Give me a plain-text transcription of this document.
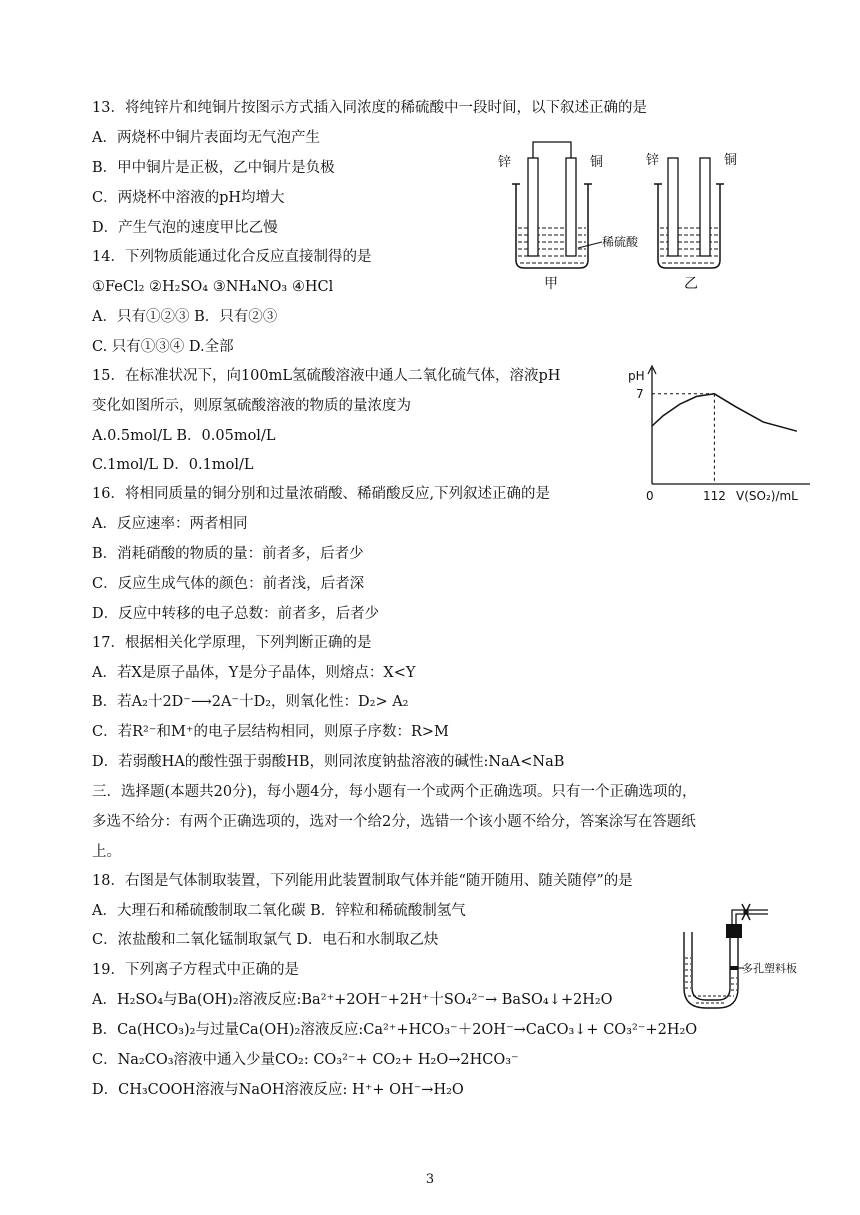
13．将纯锌片和纯铜片按图示方式插入同浓度的稀硫酸中一段时间，以下叙述正确的是
A．两烧杯中铜片表面均无气泡产生
B．甲中铜片是正极，乙中铜片是负极
C．两烧杯中溶液的pH均增大
D．产生气泡的速度甲比乙慢
14．下列物质能通过化合反应直接制得的是
①FeCl₂ ②H₂SO₄ ③NH₄NO₃ ④HCl
A．只有①②③ B．只有②③
C. 只有①③④ D.全部
15．在标准状况下，向100mL氢硫酸溶液中通人二氧化硫气体，溶液pH
变化如图所示，则原氢硫酸溶液的物质的量浓度为
A.0.5mol/L B．0.05mol/L
C.1mol/L D．0.1mol/L
16．将相同质量的铜分别和过量浓硝酸、稀硝酸反应,下列叙述正确的是
A．反应速率：两者相同
B．消耗硝酸的物质的量：前者多，后者少
C．反应生成气体的颜色：前者浅，后者深
D．反应中转移的电子总数：前者多，后者少
17．根据相关化学原理，下列判断正确的是
A．若X是原子晶体，Y是分子晶体，则熔点：X<Y
B．若A₂十2D⁻⟶2A⁻十D₂，则氧化性：D₂> A₂
C．若R²⁻和M⁺的电子层结构相同，则原子序数：R>M
D．若弱酸HA的酸性强于弱酸HB，则同浓度钠盐溶液的碱性:NaA<NaB
三．选择题(本题共20分)，每小题4分，每小题有一个或两个正确选项。只有一个正确选项的，
多选不给分：有两个正确选项的，选对一个给2分，选错一个该小题不给分，答案涂写在答题纸
上。
18．右图是气体制取装置，下列能用此装置制取气体并能“随开随用、随关随停”的是
A．大理石和稀硫酸制取二氧化碳 B．锌粒和稀硫酸制氢气
C．浓盐酸和二氧化锰制取氯气 D．电石和水制取乙炔
19．下列离子方程式中正确的是
A．H₂SO₄与Ba(OH)₂溶液反应:Ba²⁺+2OH⁻+2H⁺十SO₄²⁻→ BaSO₄↓+2H₂O
B．Ca(HCO₃)₂与过量Ca(OH)₂溶液反应:Ca²⁺+HCO₃⁻＋2OH⁻→CaCO₃↓+ CO₃²⁻+2H₂O
C．Na₂CO₃溶液中通入少量CO₂: CO₃²⁻+ CO₂+ H₂O→2HCO₃⁻
D．CH₃COOH溶液与NaOH溶液反应: H⁺+ OH⁻→H₂O
锌	铜	锌	铜
稀硫酸
甲	乙
pH
7
0	112 V(SO₂)/mL
多孔塑料板
3
